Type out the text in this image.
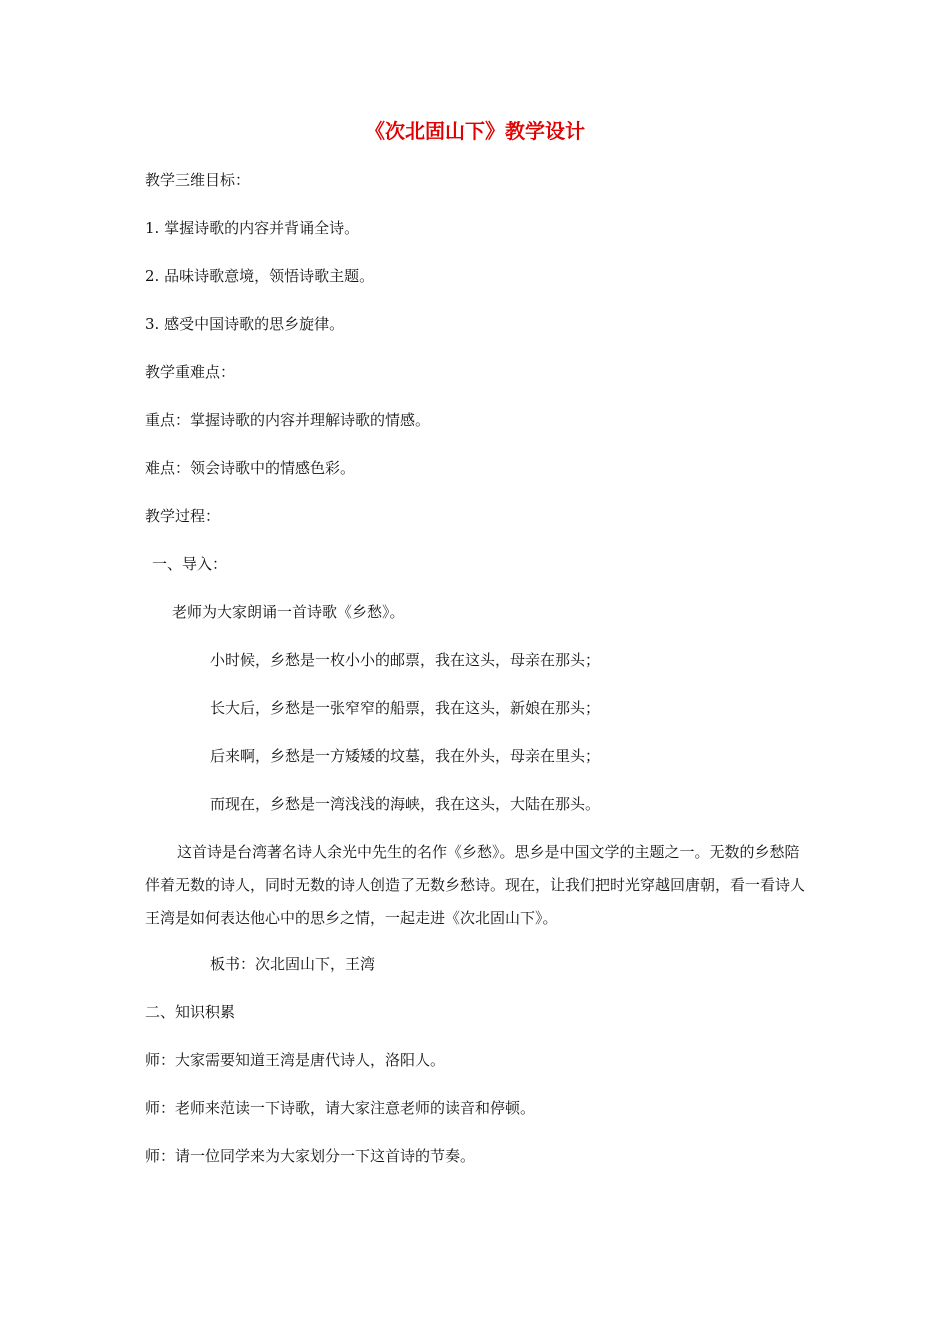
《次北固山下》教学设计
教学三维目标：
1. 掌握诗歌的内容并背诵全诗。
2. 品味诗歌意境，领悟诗歌主题。
3. 感受中国诗歌的思乡旋律。
教学重难点：
重点：掌握诗歌的内容并理解诗歌的情感。
难点：领会诗歌中的情感色彩。
教学过程：
一、导入：
老师为大家朗诵一首诗歌《乡愁》。
小时候，乡愁是一枚小小的邮票，我在这头，母亲在那头；
长大后，乡愁是一张窄窄的船票，我在这头，新娘在那头；
后来啊，乡愁是一方矮矮的坟墓，我在外头，母亲在里头；
而现在，乡愁是一湾浅浅的海峡，我在这头，大陆在那头。
这首诗是台湾著名诗人余光中先生的名作《乡愁》。思乡是中国文学的主题之一。无数的乡愁陪伴着无数的诗人，同时无数的诗人创造了无数乡愁诗。现在，让我们把时光穿越回唐朝，看一看诗人王湾是如何表达他心中的思乡之情，一起走进《次北固山下》。
板书：次北固山下，王湾
二、知识积累
师：大家需要知道王湾是唐代诗人，洛阳人。
师：老师来范读一下诗歌，请大家注意老师的读音和停顿。
师：请一位同学来为大家划分一下这首诗的节奏。
